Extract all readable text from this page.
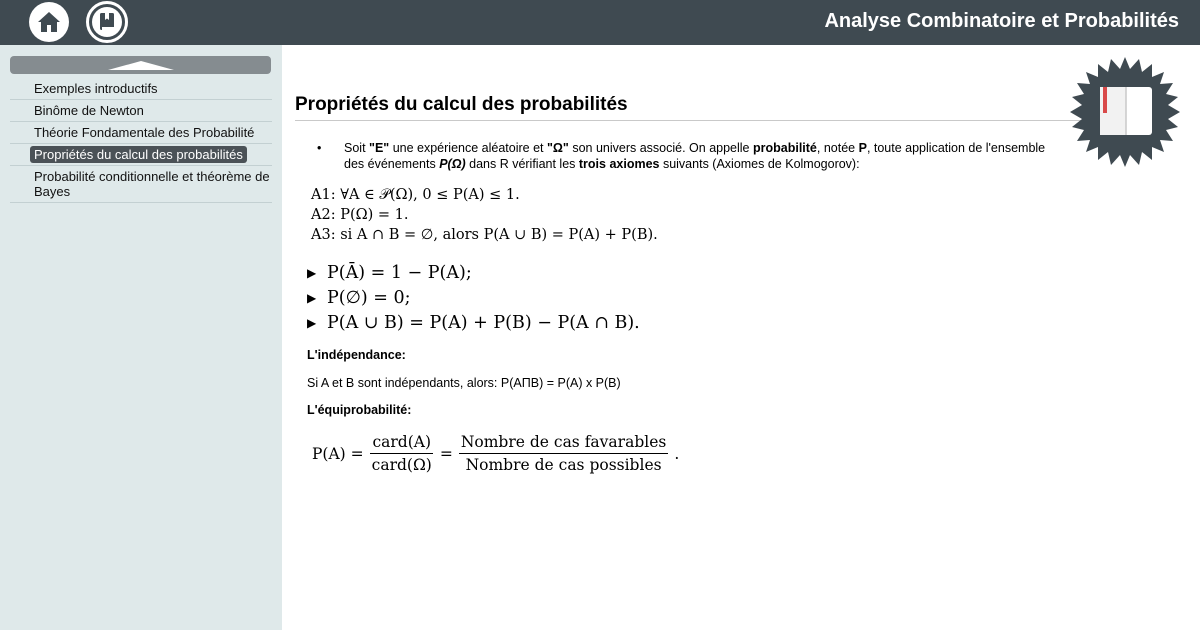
Analyse Combinatoire et Probabilités
Exemples introductifs
Binôme de Newton
Théorie Fondamentale des Probabilité
Propriétés du calcul des probabilités
Probabilité conditionnelle et théorème de Bayes
Propriétés du calcul des probabilités
• Soit "E" une expérience aléatoire et "Ω" son univers associé. On appelle probabilité, notée P, toute application de l'ensemble des événements P(Ω) dans R vérifiant les trois axiomes suivants (Axiomes de Kolmogorov):
A1: ∀A ∈ 𝒫(Ω), 0 ≤ P(A) ≤ 1.
A2: P(Ω) = 1.
A3: si A ∩ B = ∅, alors P(A ∪ B) = P(A) + P(B).
▶ P(Ā) = 1 − P(A);
▶ P(∅) = 0;
▶ P(A ∪ B) = P(A) + P(B) − P(A ∩ B).
L'indépendance:
Si A et B sont indépendants, alors: P(AΠB) = P(A) x P(B)
L'équiprobabilité:
$P(A) = \frac{\text{card(A)}}{\text{card(Ω)}} = \frac{\text{Nombre de cas favarables}}{\text{Nombre de cas possibles}}$ .
